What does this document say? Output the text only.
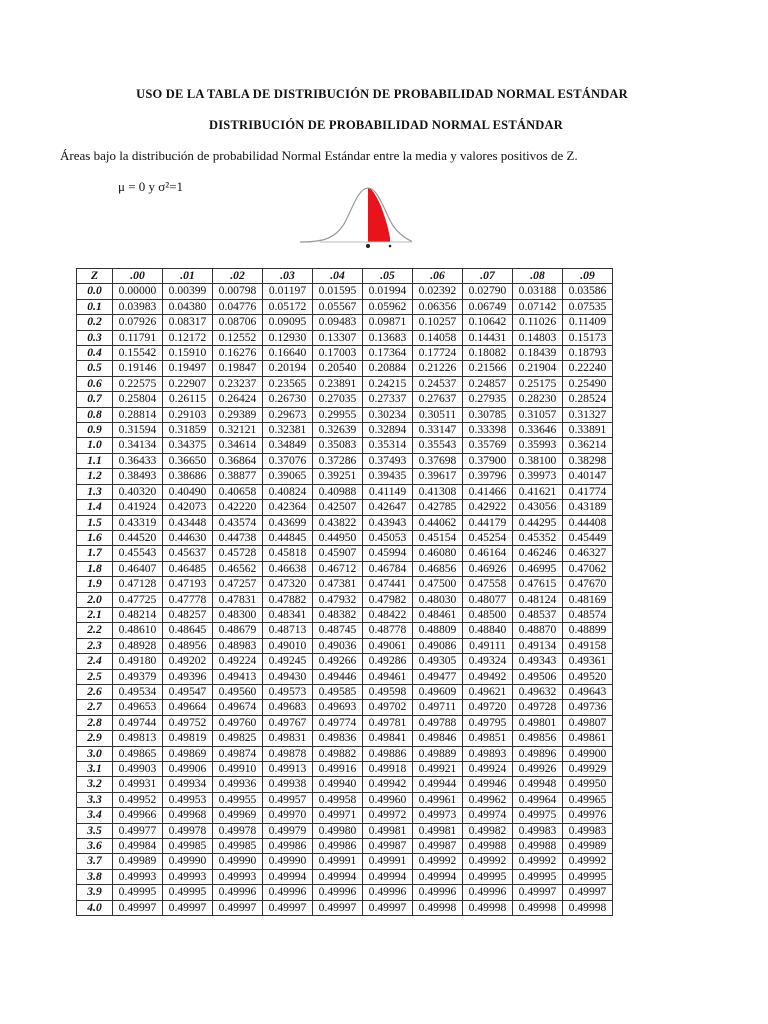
USO DE LA TABLA DE DISTRIBUCIÓN DE PROBABILIDAD NORMAL ESTÁNDAR
DISTRIBUCIÓN DE PROBABILIDAD NORMAL ESTÁNDAR
Áreas bajo la distribución de probabilidad Normal Estándar entre la media y valores positivos de Z.
μ = 0 y σ²=1
Z	.00	.01	.02	.03	.04	.05	.06	.07	.08	.09
0.0	0.00000	0.00399	0.00798	0.01197	0.01595	0.01994	0.02392	0.02790	0.03188	0.03586
0.1	0.03983	0.04380	0.04776	0.05172	0.05567	0.05962	0.06356	0.06749	0.07142	0.07535
0.2	0.07926	0.08317	0.08706	0.09095	0.09483	0.09871	0.10257	0.10642	0.11026	0.11409
0.3	0.11791	0.12172	0.12552	0.12930	0.13307	0.13683	0.14058	0.14431	0.14803	0.15173
0.4	0.15542	0.15910	0.16276	0.16640	0.17003	0.17364	0.17724	0.18082	0.18439	0.18793
0.5	0.19146	0.19497	0.19847	0.20194	0.20540	0.20884	0.21226	0.21566	0.21904	0.22240
0.6	0.22575	0.22907	0.23237	0.23565	0.23891	0.24215	0.24537	0.24857	0.25175	0.25490
0.7	0.25804	0.26115	0.26424	0.26730	0.27035	0.27337	0.27637	0.27935	0.28230	0.28524
0.8	0.28814	0.29103	0.29389	0.29673	0.29955	0.30234	0.30511	0.30785	0.31057	0.31327
0.9	0.31594	0.31859	0.32121	0.32381	0.32639	0.32894	0.33147	0.33398	0.33646	0.33891
1.0	0.34134	0.34375	0.34614	0.34849	0.35083	0.35314	0.35543	0.35769	0.35993	0.36214
1.1	0.36433	0.36650	0.36864	0.37076	0.37286	0.37493	0.37698	0.37900	0.38100	0.38298
1.2	0.38493	0.38686	0.38877	0.39065	0.39251	0.39435	0.39617	0.39796	0.39973	0.40147
1.3	0.40320	0.40490	0.40658	0.40824	0.40988	0.41149	0.41308	0.41466	0.41621	0.41774
1.4	0.41924	0.42073	0.42220	0.42364	0.42507	0.42647	0.42785	0.42922	0.43056	0.43189
1.5	0.43319	0.43448	0.43574	0.43699	0.43822	0.43943	0.44062	0.44179	0.44295	0.44408
1.6	0.44520	0.44630	0.44738	0.44845	0.44950	0.45053	0.45154	0.45254	0.45352	0.45449
1.7	0.45543	0.45637	0.45728	0.45818	0.45907	0.45994	0.46080	0.46164	0.46246	0.46327
1.8	0.46407	0.46485	0.46562	0.46638	0.46712	0.46784	0.46856	0.46926	0.46995	0.47062
1.9	0.47128	0.47193	0.47257	0.47320	0.47381	0.47441	0.47500	0.47558	0.47615	0.47670
2.0	0.47725	0.47778	0.47831	0.47882	0.47932	0.47982	0.48030	0.48077	0.48124	0.48169
2.1	0.48214	0.48257	0.48300	0.48341	0.48382	0.48422	0.48461	0.48500	0.48537	0.48574
2.2	0.48610	0.48645	0.48679	0.48713	0.48745	0.48778	0.48809	0.48840	0.48870	0.48899
2.3	0.48928	0.48956	0.48983	0.49010	0.49036	0.49061	0.49086	0.49111	0.49134	0.49158
2.4	0.49180	0.49202	0.49224	0.49245	0.49266	0.49286	0.49305	0.49324	0.49343	0.49361
2.5	0.49379	0.49396	0.49413	0.49430	0.49446	0.49461	0.49477	0.49492	0.49506	0.49520
2.6	0.49534	0.49547	0.49560	0.49573	0.49585	0.49598	0.49609	0.49621	0.49632	0.49643
2.7	0.49653	0.49664	0.49674	0.49683	0.49693	0.49702	0.49711	0.49720	0.49728	0.49736
2.8	0.49744	0.49752	0.49760	0.49767	0.49774	0.49781	0.49788	0.49795	0.49801	0.49807
2.9	0.49813	0.49819	0.49825	0.49831	0.49836	0.49841	0.49846	0.49851	0.49856	0.49861
3.0	0.49865	0.49869	0.49874	0.49878	0.49882	0.49886	0.49889	0.49893	0.49896	0.49900
3.1	0.49903	0.49906	0.49910	0.49913	0.49916	0.49918	0.49921	0.49924	0.49926	0.49929
3.2	0.49931	0.49934	0.49936	0.49938	0.49940	0.49942	0.49944	0.49946	0.49948	0.49950
3.3	0.49952	0.49953	0.49955	0.49957	0.49958	0.49960	0.49961	0.49962	0.49964	0.49965
3.4	0.49966	0.49968	0.49969	0.49970	0.49971	0.49972	0.49973	0.49974	0.49975	0.49976
3.5	0.49977	0.49978	0.49978	0.49979	0.49980	0.49981	0.49981	0.49982	0.49983	0.49983
3.6	0.49984	0.49985	0.49985	0.49986	0.49986	0.49987	0.49987	0.49988	0.49988	0.49989
3.7	0.49989	0.49990	0.49990	0.49990	0.49991	0.49991	0.49992	0.49992	0.49992	0.49992
3.8	0.49993	0.49993	0.49993	0.49994	0.49994	0.49994	0.49994	0.49995	0.49995	0.49995
3.9	0.49995	0.49995	0.49996	0.49996	0.49996	0.49996	0.49996	0.49996	0.49997	0.49997
4.0	0.49997	0.49997	0.49997	0.49997	0.49997	0.49997	0.49998	0.49998	0.49998	0.49998
